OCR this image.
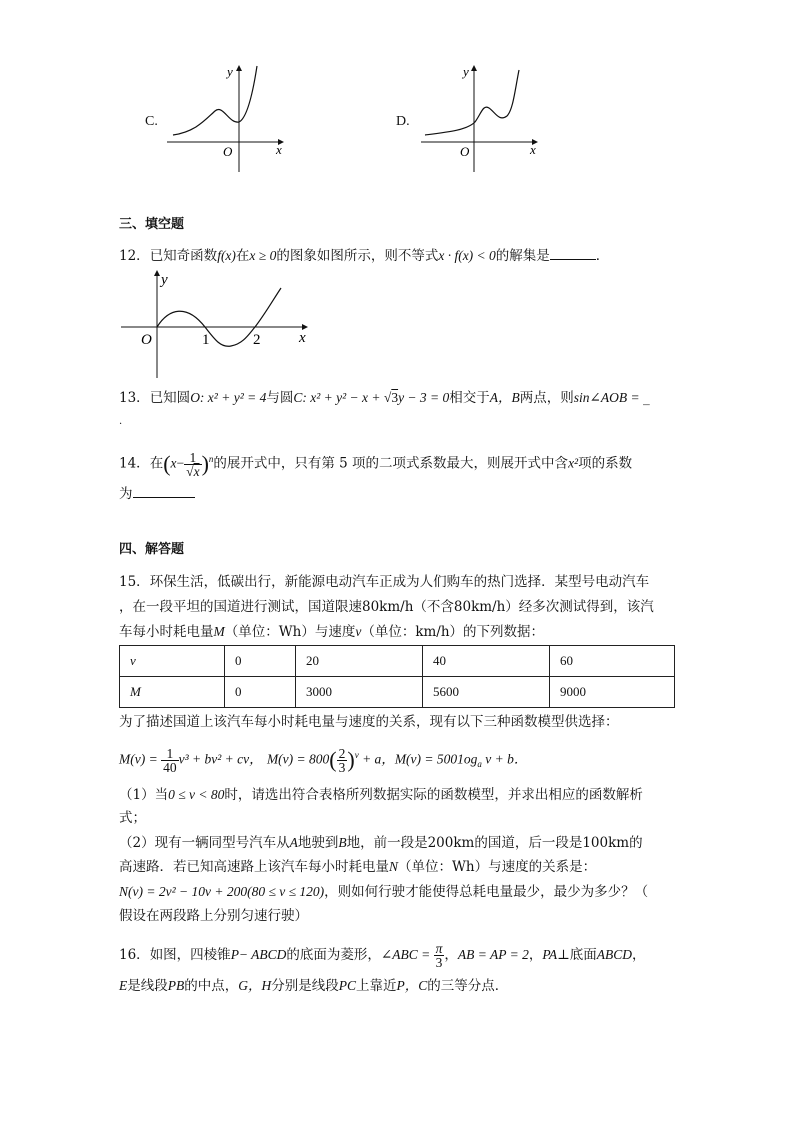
C.
y
x
O
D.
y
x
O
三、填空题
12．已知奇函数f(x)在x ≥ 0的图象如图所示，则不等式x · f(x) < 0的解集是	．
y
x
O	1	2
13．已知圆O: x² + y² = 4与圆C: x² + y² − x + √3y − 3 = 0相交于A，B两点，则sin∠AOB = _
.
14．在$(x- \frac{1}{√x} )^n$的展开式中，只有第 5 项的二项式系数最大，则展开式中含x²项的系数
为
四、解答题
15．环保生活，低碳出行，新能源电动汽车正成为人们购车的热门选择．某型号电动汽车
，在一段平坦的国道进行测试，国道限速80km/h（不含80km/h）经多次测试得到，该汽
车每小时耗电量M（单位：Wh）与速度v（单位：km/h）的下列数据：
v	0	20	40	60
M	0	3000	5600	9000
为了描述国道上该汽车每小时耗电量与速度的关系，现有以下三种函数模型供选择：
$M(v) = \frac{1}{40} v^3 + bv^2$ + cv， $M(v) = 800( \frac{2}{3} )^v + a$，$M(v) = 5001og_a$ v + b．
（1）当0 ≤ v < 80时，请选出符合表格所列数据实际的函数模型，并求出相应的函数解析
式；
（2）现有一辆同型号汽车从A地驶到B地，前一段是200km的国道，后一段是100km的
高速路．若已知高速路上该汽车每小时耗电量N（单位：Wh）与速度的关系是：
N(v) = 2v² − 10v + 200(80 ≤ v ≤ 120)，则如何行驶才能使得总耗电量最少，最少为多少？（
假设在两段路上分别匀速行驶）
16．如图，四棱锥P− ABCD的底面为菱形，∠ABC = $\frac{\pi}{3}$ ，AB = AP = 2，PA⊥底面ABCD，
E是线段PB的中点，G，H分别是线段PC上靠近P，C的三等分点．
